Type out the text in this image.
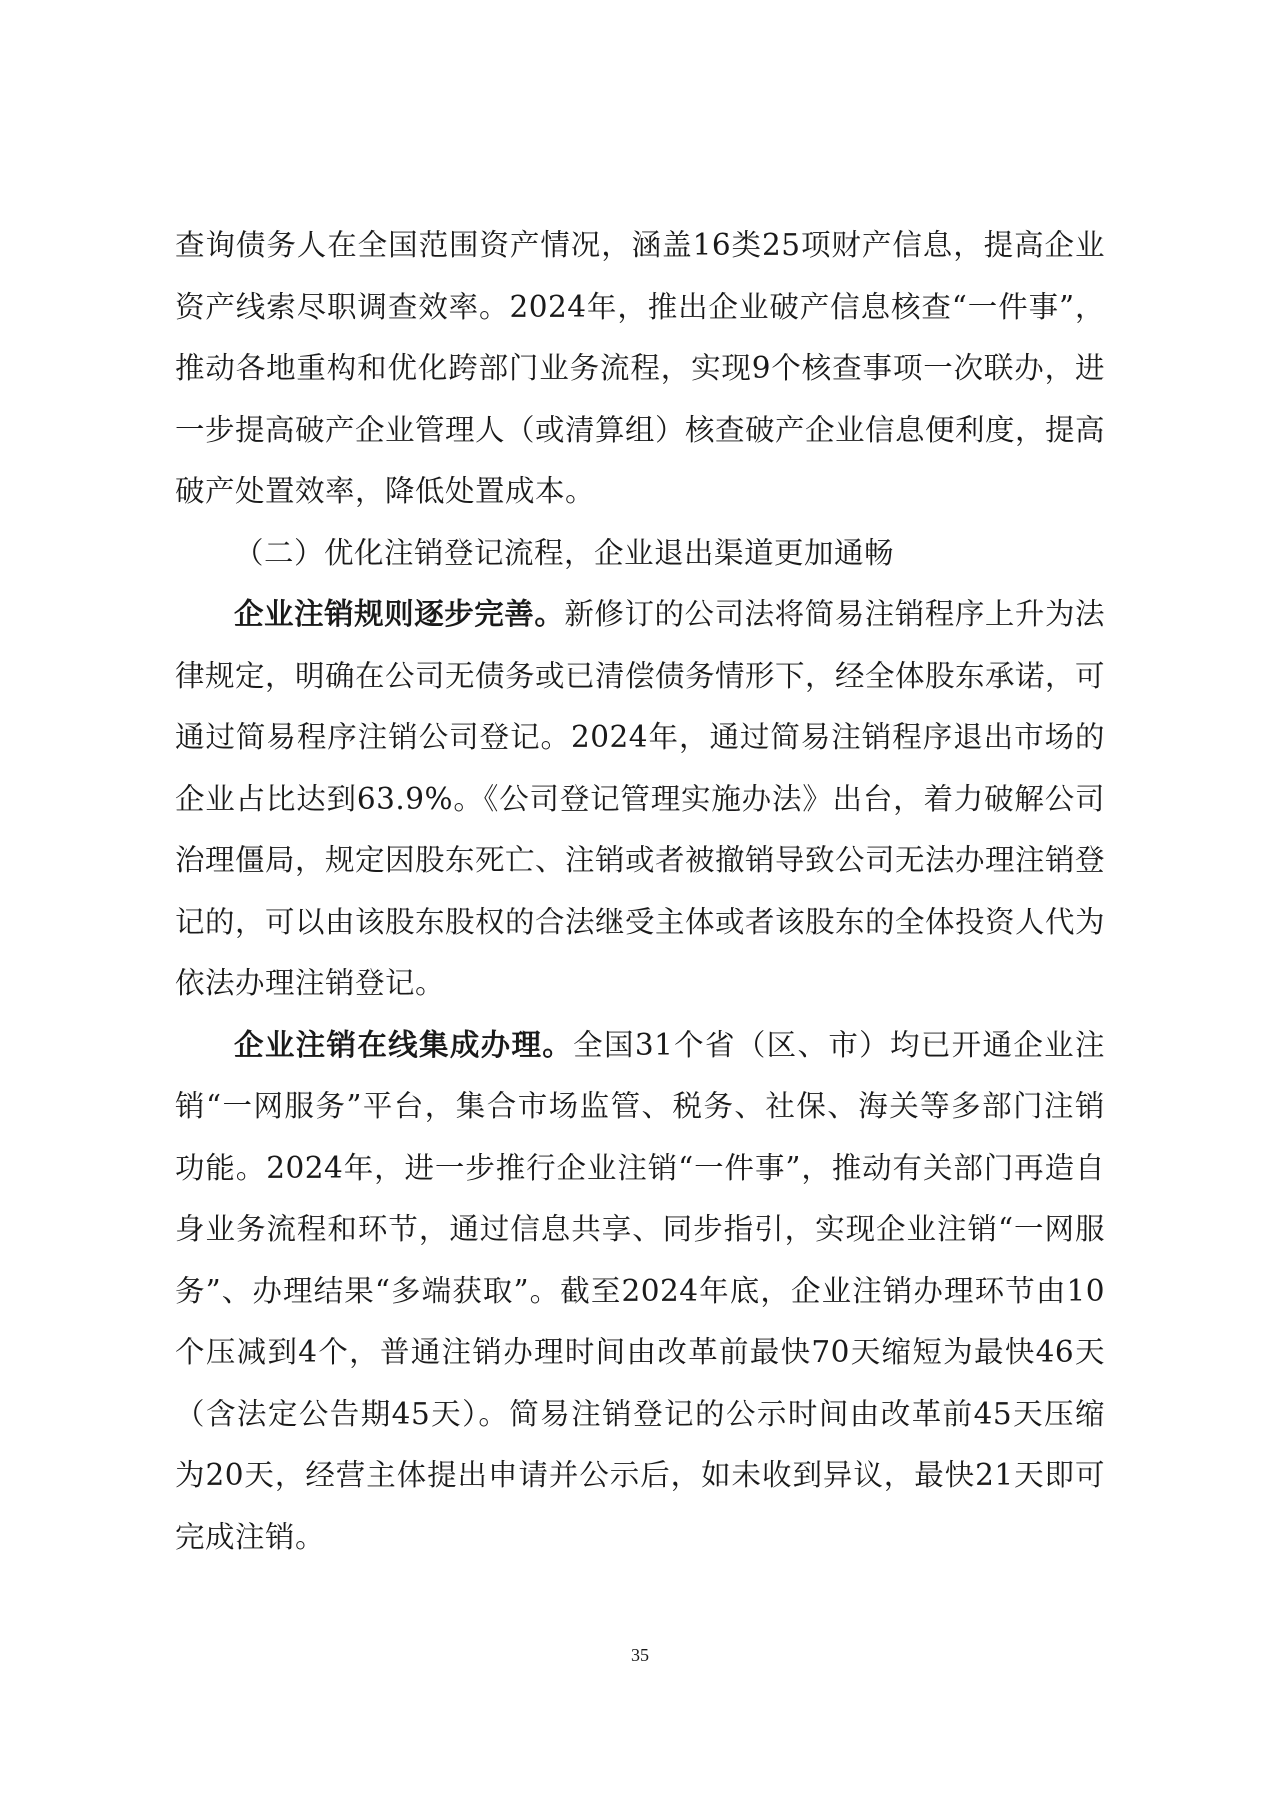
查询债务人在全国范围资产情况，涵盖16类25项财产信息，提高企业资产线索尽职调查效率。2024年，推出企业破产信息核查“一件事”，推动各地重构和优化跨部门业务流程，实现9个核查事项一次联办，进一步提高破产企业管理人（或清算组）核查破产企业信息便利度，提高破产处置效率，降低处置成本。

（二）优化注销登记流程，企业退出渠道更加通畅

企业注销规则逐步完善。新修订的公司法将简易注销程序上升为法律规定，明确在公司无债务或已清偿债务情形下，经全体股东承诺，可通过简易程序注销公司登记。2024年，通过简易注销程序退出市场的企业占比达到63.9%。《公司登记管理实施办法》出台，着力破解公司治理僵局，规定因股东死亡、注销或者被撤销导致公司无法办理注销登记的，可以由该股东股权的合法继受主体或者该股东的全体投资人代为依法办理注销登记。

企业注销在线集成办理。全国31个省（区、市）均已开通企业注销“一网服务”平台，集合市场监管、税务、社保、海关等多部门注销功能。2024年，进一步推行企业注销“一件事”，推动有关部门再造自身业务流程和环节，通过信息共享、同步指引，实现企业注销“一网服务”、办理结果“多端获取”。截至2024年底，企业注销办理环节由10个压减到4个，普通注销办理时间由改革前最快70天缩短为最快46天（含法定公告期45天）。简易注销登记的公示时间由改革前45天压缩为20天，经营主体提出申请并公示后，如未收到异议，最快21天即可完成注销。

35
